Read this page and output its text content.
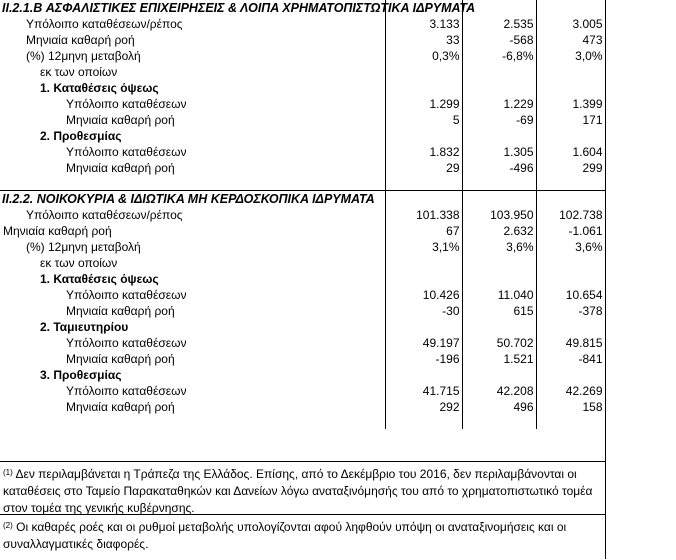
II.2.1.B ΑΣΦΑΛΙΣΤΙΚΕΣ ΕΠΙΧΕΙΡΗΣΕΙΣ & ΛΟΙΠΑ ΧΡΗΜΑΤΟΠΙΣΤΩΤΙΚΑ ΙΔΡΥΜΑΤΑ			
Υπόλοιπο καταθέσεων/ρέπος	3.133	2.535	3.005
Μηνιαία καθαρή ροή	33	-568	473
(%) 12μηνη μεταβολή	0,3%	-6,8%	3,0%
εκ των οποίων			
1. Καταθέσεις όψεως			
Υπόλοιπο καταθέσεων	1.299	1.229	1.399
Μηνιαία καθαρή ροή	5	-69	171
2. Προθεσμίας			
Υπόλοιπο καταθέσεων	1.832	1.305	1.604
Μηνιαία καθαρή ροή	29	-496	299

II.2.2. ΝΟΙΚΟΚΥΡΙΑ & ΙΔΙΩΤΙΚΑ ΜΗ ΚΕΡΔΟΣΚΟΠΙΚΑ ΙΔΡΥΜΑΤΑ			
Υπόλοιπο καταθέσεων/ρέπος	101.338	103.950	102.738
Μηνιαία καθαρή ροή	67	2.632	-1.061
(%) 12μηνη μεταβολή	3,1%	3,6%	3,6%
εκ των οποίων			
1. Καταθέσεις όψεως			
Υπόλοιπο καταθέσεων	10.426	11.040	10.654
Μηνιαία καθαρή ροή	-30	615	-378
2. Ταμιευτηρίου			
Υπόλοιπο καταθέσεων	49.197	50.702	49.815
Μηνιαία καθαρή ροή	-196	1.521	-841
3. Προθεσμίας			
Υπόλοιπο καταθέσεων	41.715	42.208	42.269
Μηνιαία καθαρή ροή	292	496	158

$^{(1)}$ Δεν περιλαμβάνεται η Τράπεζα της Ελλάδος. Επίσης, από το Δεκέμβριο του 2016, δεν περιλαμβάνονται οι καταθέσεις στο Ταμείο Παρακαταθηκών και Δανείων λόγω αναταξινόμησής του από το χρηματοπιστωτικό τομέα στον τομέα της γενικής κυβέρνησης.
$^{(2)}$ Οι καθαρές ροές και οι ρυθμοί μεταβολής υπολογίζονται αφού ληφθούν υπόψη οι αναταξινομήσεις και οι συναλλαγματικές διαφορές.
